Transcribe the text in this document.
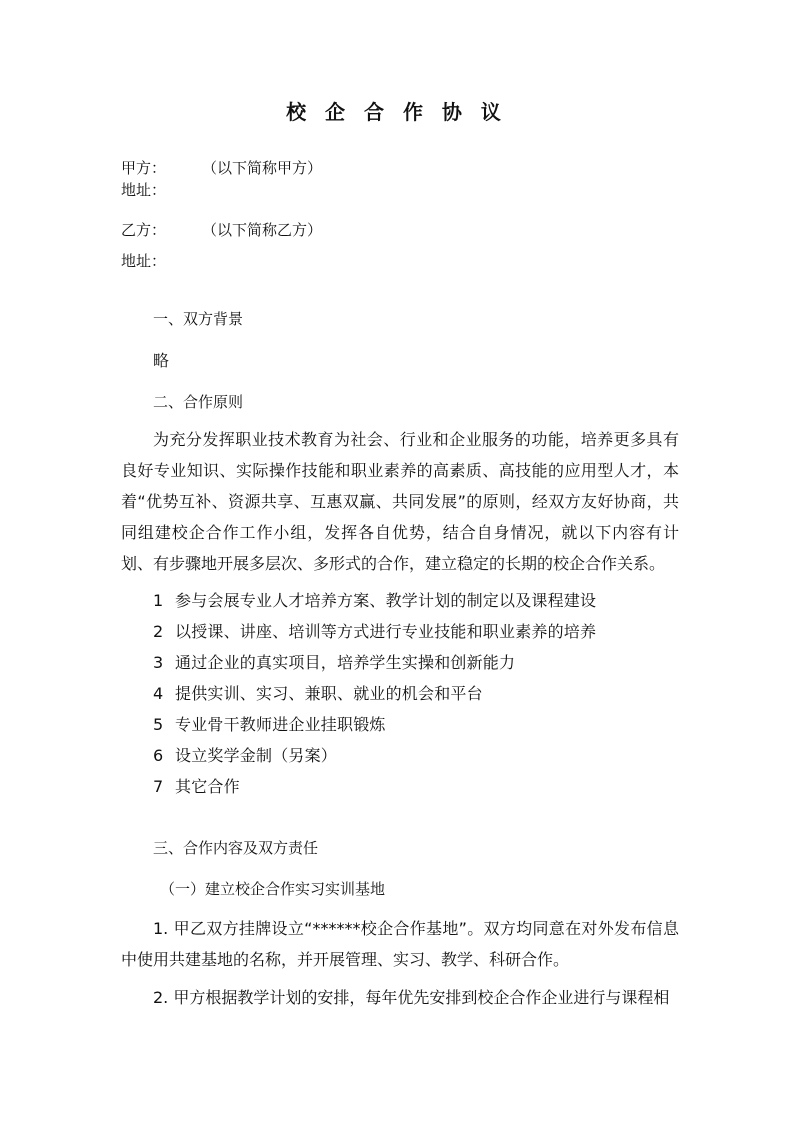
校 企 合 作 协 议
甲方： （以下简称甲方）
地址：
乙方： （以下简称乙方）
地址：
一、双方背景
略
二、合作原则
为充分发挥职业技术教育为社会、行业和企业服务的功能，培养更多具有良好专业知识、实际操作技能和职业素养的高素质、高技能的应用型人才，本着“优势互补、资源共享、互惠双赢、共同发展”的原则，经双方友好协商，共同组建校企合作工作小组，发挥各自优势，结合自身情况，就以下内容有计划、有步骤地开展多层次、多形式的合作，建立稳定的长期的校企合作关系。
1 参与会展专业人才培养方案、教学计划的制定以及课程建设
2 以授课、讲座、培训等方式进行专业技能和职业素养的培养
3 通过企业的真实项目，培养学生实操和创新能力
4 提供实训、实习、兼职、就业的机会和平台
5 专业骨干教师进企业挂职锻炼
6 设立奖学金制（另案）
7 其它合作
三、合作内容及双方责任
（一）建立校企合作实习实训基地
1. 甲乙双方挂牌设立“******校企合作基地”。双方均同意在对外发布信息中使用共建基地的名称，并开展管理、实习、教学、科研合作。
2. 甲方根据教学计划的安排，每年优先安排到校企合作企业进行与课程相
